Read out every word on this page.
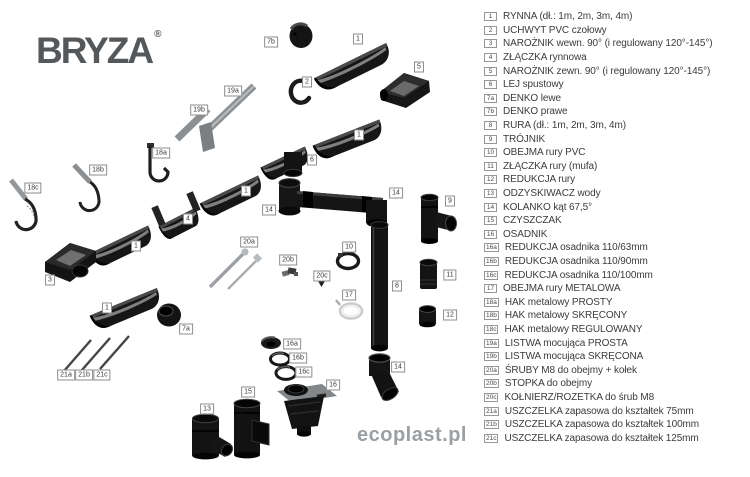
BRYZA ®
7b	1
5
2
19a
19b
1
18a
6
18b
18c	1	14
9
14
4
20a
1	10
20b
11
20c
3
8
17
1
12
7a
16a
16b
16c
14
21a 21b 21c
16
15
13
ecoplast.pl
1	RYNNA (dł.: 1m, 2m, 3m, 4m)
2	UCHWYT PVC czołowy
3	NAROŻNIK wewn. 90° (i regulowany 120°-145°)
4	ZŁĄCZKA rynnowa
5	NAROŻNIK zewn. 90° (i regulowany 120°-145°)
6	LEJ spustowy
7a DENKO lewe
7b DENKO prawe
8	RURA (dł.: 1m, 2m, 3m, 4m)
9	TRÓJNIK
10 OBEJMA rury PVC
11 ZŁĄCZKA rury (mufa)
12 REDUKCJA rury
13 ODZYSKIWACZ wody
14 KOLANKO kąt 67,5°
15 CZYSZCZAK
16 OSADNIK
16a REDUKCJA osadnika 110/63mm
16b REDUKCJA osadnika 110/90mm
16c REDUKCJA osadnika 110/100mm
17 OBEJMA rury METALOWA
18a HAK metalowy PROSTY
18b HAK metalowy SKRĘCONY
18c HAK metalowy REGULOWANY
19a LISTWA mocująca PROSTA
19b LISTWA mocująca SKRĘCONA
20a ŚRUBY M8 do obejmy + kołek
20b STOPKA do obejmy
20c KOŁNIERZ/ROZETKA do śrub M8
21a USZCZELKA zapasowa do kształtek 75mm
21b USZCZELKA zapasowa do kształtek 100mm
21c USZCZELKA zapasowa do kształtek 125mm
